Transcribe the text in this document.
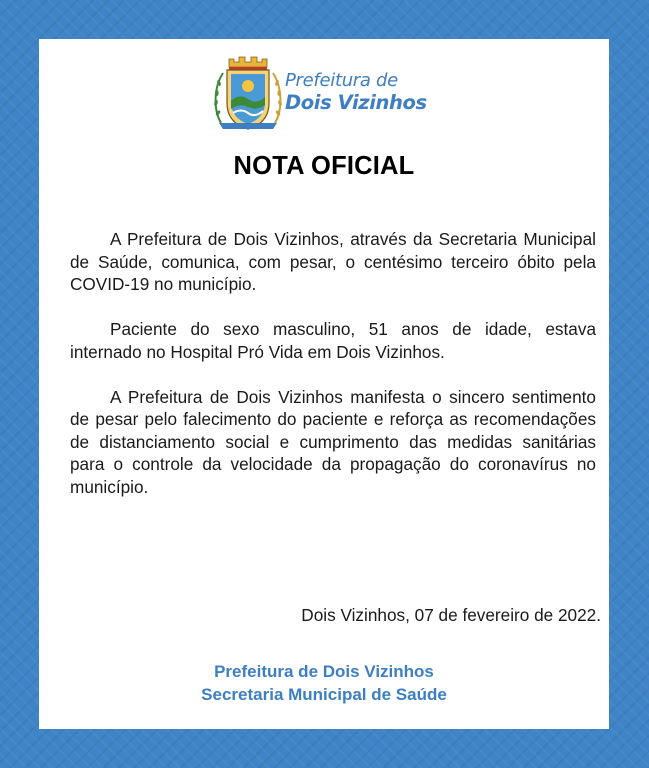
Prefeitura de
Dois Vizinhos
NOTA OFICIAL

A Prefeitura de Dois Vizinhos, através da Secretaria Municipal de Saúde, comunica, com pesar, o centésimo terceiro óbito pela COVID-19 no município.

Paciente do sexo masculino, 51 anos de idade, estava internado no Hospital Pró Vida em Dois Vizinhos.

A Prefeitura de Dois Vizinhos manifesta o sincero sentimento de pesar pelo falecimento do paciente e reforça as recomendações de distanciamento social e cumprimento das medidas sanitárias para o controle da velocidade da propagação do coronavírus no município.

Dois Vizinhos, 07 de fevereiro de 2022.
Prefeitura de Dois Vizinhos
Secretaria Municipal de Saúde
